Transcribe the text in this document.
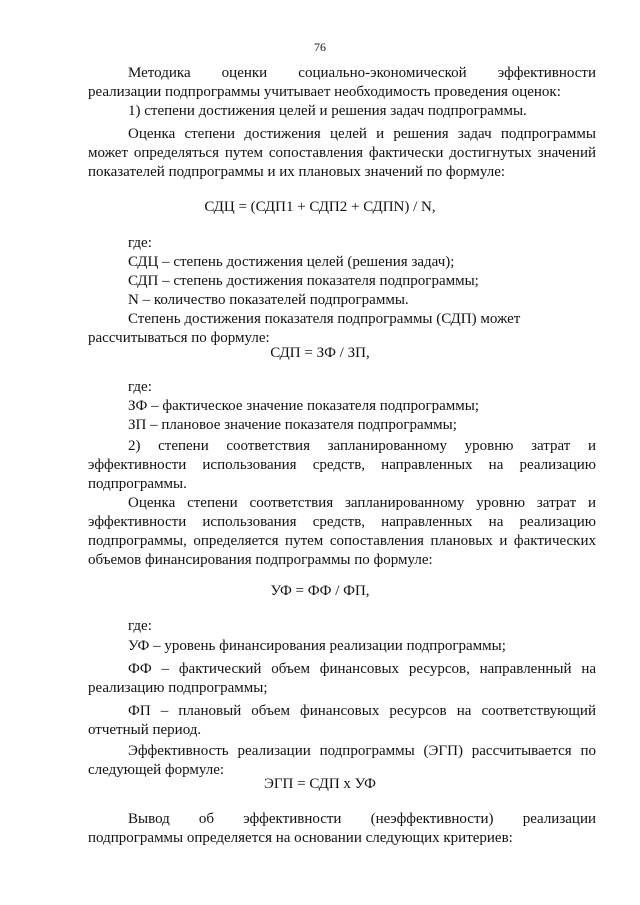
76
Методика оценки социально-экономической эффективности
реализации подпрограммы учитывает необходимость проведения оценок:
1) степени достижения целей и решения задач подпрограммы.
Оценка степени достижения целей и решения задач подпрограммы
может определяться путем сопоставления фактически достигнутых значений
показателей подпрограммы и их плановых значений по формуле:
СДЦ = (СДП1 + СДП2 + СДПN) / N,
где:
СДЦ – степень достижения целей (решения задач);
СДП – степень достижения показателя подпрограммы;
N – количество показателей подпрограммы.
Степень достижения показателя подпрограммы (СДП) может
рассчитываться по формуле:
СДП = ЗФ / ЗП,
где:
ЗФ – фактическое значение показателя подпрограммы;
ЗП – плановое значение показателя подпрограммы;
2) степени соответствия запланированному уровню затрат и
эффективности использования средств, направленных на реализацию
подпрограммы.
Оценка степени соответствия запланированному уровню затрат и
эффективности использования средств, направленных на реализацию
подпрограммы, определяется путем сопоставления плановых и фактических
объемов финансирования подпрограммы по формуле:
УФ = ФФ / ФП,
где:
УФ – уровень финансирования реализации подпрограммы;
ФФ – фактический объем финансовых ресурсов, направленный на
реализацию подпрограммы;
ФП – плановый объем финансовых ресурсов на соответствующий
отчетный период.
Эффективность реализации подпрограммы (ЭГП) рассчитывается по
следующей формуле:
ЭГП = СДП х УФ
Вывод об эффективности (неэффективности) реализации
подпрограммы определяется на основании следующих критериев:
